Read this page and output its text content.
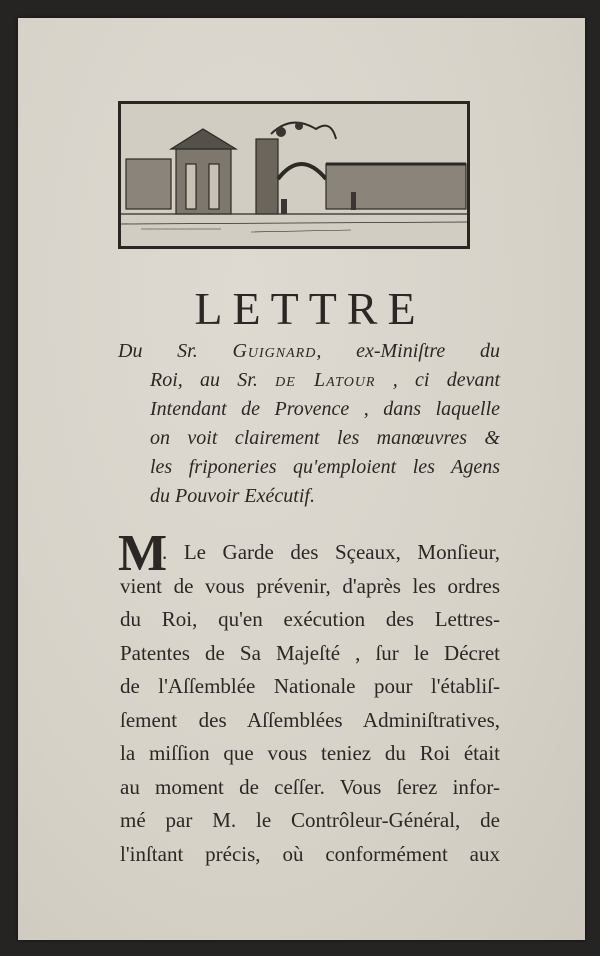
LETTRE
Du Sr. Guignard, ex-Miniſtre du
Roi, au Sr. de Latour , ci devant
Intendant de Provence , dans laquelle
on voit clairement les manœuvres &
les friponeries qu'emploient les Agens
du Pouvoir Exécutif.
M
. Le Garde des Sçeaux, Monſieur,
vient de vous prévenir, d'après les ordres
du Roi, qu'en exécution des Lettres-
Patentes de Sa Majeſté , ſur le Décret
de l'Aſſemblée Nationale pour l'établiſ-
ſement des Aſſemblées Adminiſtratives,
la miſſion que vous teniez du Roi était
au moment de ceſſer. Vous ſerez infor-
mé par M. le Contrôleur-Général, de
l'inſtant précis, où conformément aux
